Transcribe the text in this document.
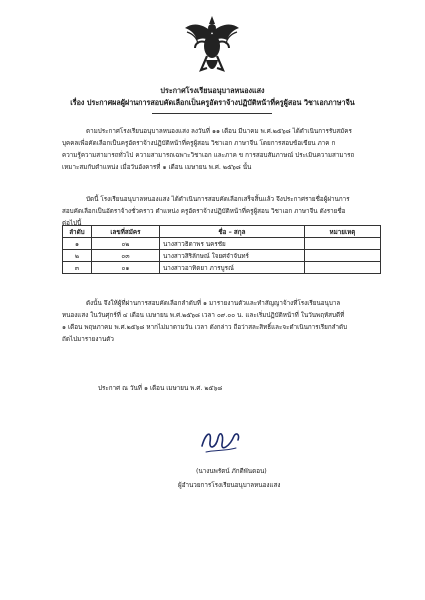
ประกาศโรงเรียนอนุบาลหนองแสง
เรื่อง ประกาศผลผู้ผ่านการสอบคัดเลือกเป็นครูอัตราจ้างปฏิบัติหน้าที่ครูผู้สอน วิชาเอกภาษาจีน
ตามประกาศโรงเรียนอนุบาลหนองแสง ลงวันที่ ๑๑ เดือน มีนาคม พ.ศ.๒๕๖๘ ได้ดำเนินการรับสมัคร
บุคคลเพื่อคัดเลือกเป็นครูอัตราจ้างปฏิบัติหน้าที่ครูผู้สอน วิชาเอก ภาษาจีน โดยการสอบข้อเขียน ภาค ก
ความรู้ความสามารถทั่วไป ความสามารถเฉพาะวิชาเอก และภาค ข การสอบสัมภาษณ์ ประเมินความสามารถ
เหมาะสมกับตำแหน่ง เมื่อวันอังคารที่ ๑ เดือน เมษายน พ.ศ. ๒๕๖๘ นั้น
บัดนี้ โรงเรียนอนุบาลหนองแสง ได้ดำเนินการสอบคัดเลือกเสร็จสิ้นแล้ว จึงประกาศรายชื่อผู้ผ่านการ
สอบคัดเลือกเป็นอัตราจ้างชั่วคราว ตำแหน่ง ครูอัตราจ้างปฏิบัติหน้าที่ครูผู้สอน วิชาเอก ภาษาจีน ดังรายชื่อ
ต่อไปนี้
ลำดับ	เลขที่สมัคร	ชื่อ – สกุล	หมายเหตุ
๑	๐๒	นางสาวธิดาพร นครชัย	
๒	๐๓	นางสาวสิริลักษณ์ ใจยศจำจันทร์	
๓	๐๑	นางสาวอาทิตยา ภารบูรณ์	
ดังนั้น จึงให้ผู้ที่ผ่านการสอบคัดเลือกลำดับที่ ๑ มารายงานตัวและทำสัญญาจ้างที่โรงเรียนอนุบาล
หนองแสง ในวันศุกร์ที่ ๔ เดือน เมษายน พ.ศ.๒๕๖๘ เวลา ๐๙.๐๐ น. และเริ่มปฏิบัติหน้าที่ ในวันพฤหัสบดีที่
๑ เดือน พฤษภาคม พ.ศ.๒๕๖๘ หากไม่มาตามวัน เวลา ดังกล่าว ถือว่าสละสิทธิ์และจะดำเนินการเรียกลำดับ
ถัดไปมารายงานตัว
ประกาศ ณ วันที่ ๑ เดือน เมษายน พ.ศ. ๒๕๖๘
(นางนพรัตน์ ภักดีพันดอน)
ผู้อำนวยการโรงเรียนอนุบาลหนองแสง
